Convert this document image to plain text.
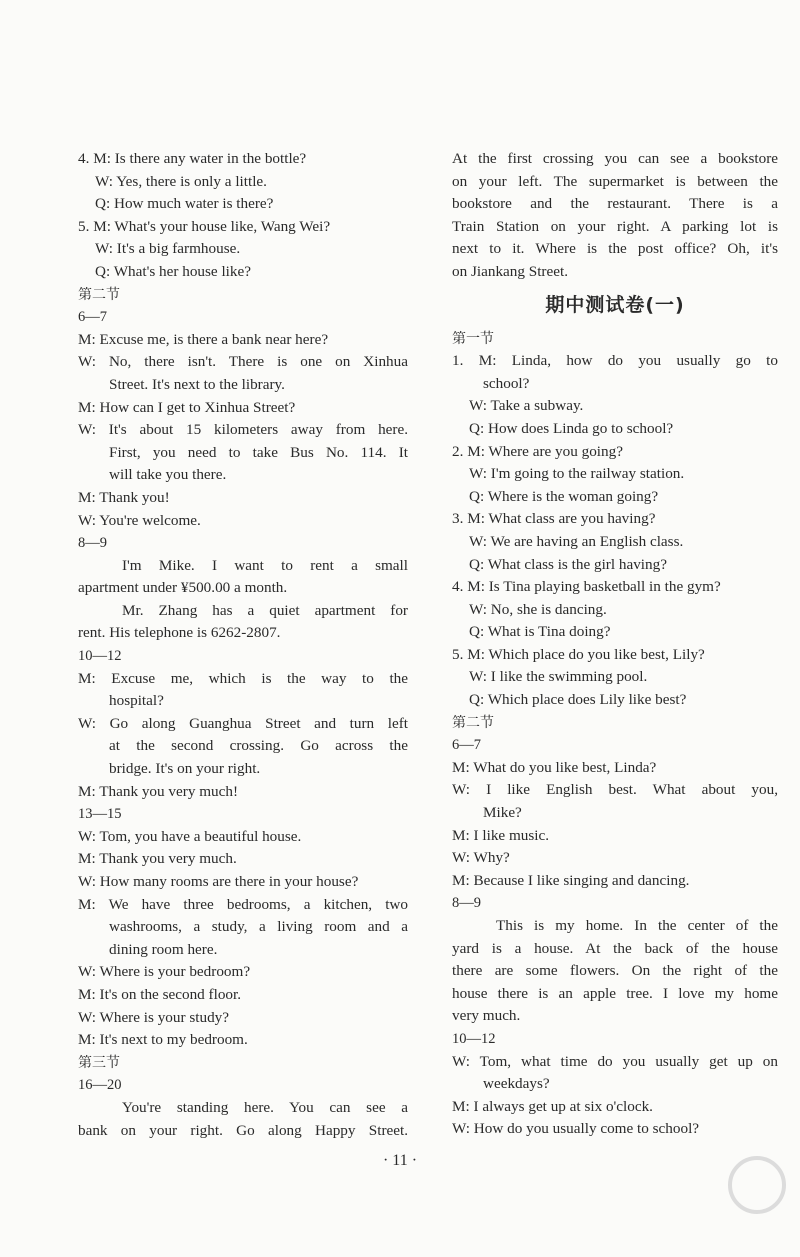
4. M: Is there any water in the bottle?
W: Yes, there is only a little.
Q: How much water is there?
5. M: What's your house like, Wang Wei?
W: It's a big farmhouse.
Q: What's her house like?
第二节
6—7
M: Excuse me, is there a bank near here?
W: No, there isn't. There is one on Xinhua
Street. It's next to the library.
M: How can I get to Xinhua Street?
W: It's about 15 kilometers away from here.
First, you need to take Bus No. 114. It
will take you there.
M: Thank you!
W: You're welcome.
8—9
I'm Mike. I want to rent a small
apartment under ¥500.00 a month.
Mr. Zhang has a quiet apartment for
rent. His telephone is 6262-2807.
10—12
M: Excuse me, which is the way to the
hospital?
W: Go along Guanghua Street and turn left
at the second crossing. Go across the
bridge. It's on your right.
M: Thank you very much!
13—15
W: Tom, you have a beautiful house.
M: Thank you very much.
W: How many rooms are there in your house?
M: We have three bedrooms, a kitchen, two
washrooms, a study, a living room and a
dining room here.
W: Where is your bedroom?
M: It's on the second floor.
W: Where is your study?
M: It's next to my bedroom.
第三节
16—20
You're standing here. You can see a
bank on your right. Go along Happy Street.
At the first crossing you can see a bookstore
on your left. The supermarket is between the
bookstore and the restaurant. There is a
Train Station on your right. A parking lot is
next to it. Where is the post office? Oh, it's
on Jiankang Street.
期中测试卷(一)
第一节
1. M: Linda, how do you usually go to
school?
W: Take a subway.
Q: How does Linda go to school?
2. M: Where are you going?
W: I'm going to the railway station.
Q: Where is the woman going?
3. M: What class are you having?
W: We are having an English class.
Q: What class is the girl having?
4. M: Is Tina playing basketball in the gym?
W: No, she is dancing.
Q: What is Tina doing?
5. M: Which place do you like best, Lily?
W: I like the swimming pool.
Q: Which place does Lily like best?
第二节
6—7
M: What do you like best, Linda?
W: I like English best. What about you,
Mike?
M: I like music.
W: Why?
M: Because I like singing and dancing.
8—9
This is my home. In the center of the
yard is a house. At the back of the house
there are some flowers. On the right of the
house there is an apple tree. I love my home
very much.
10—12
W: Tom, what time do you usually get up on
weekdays?
M: I always get up at six o'clock.
W: How do you usually come to school?
· 11 ·
